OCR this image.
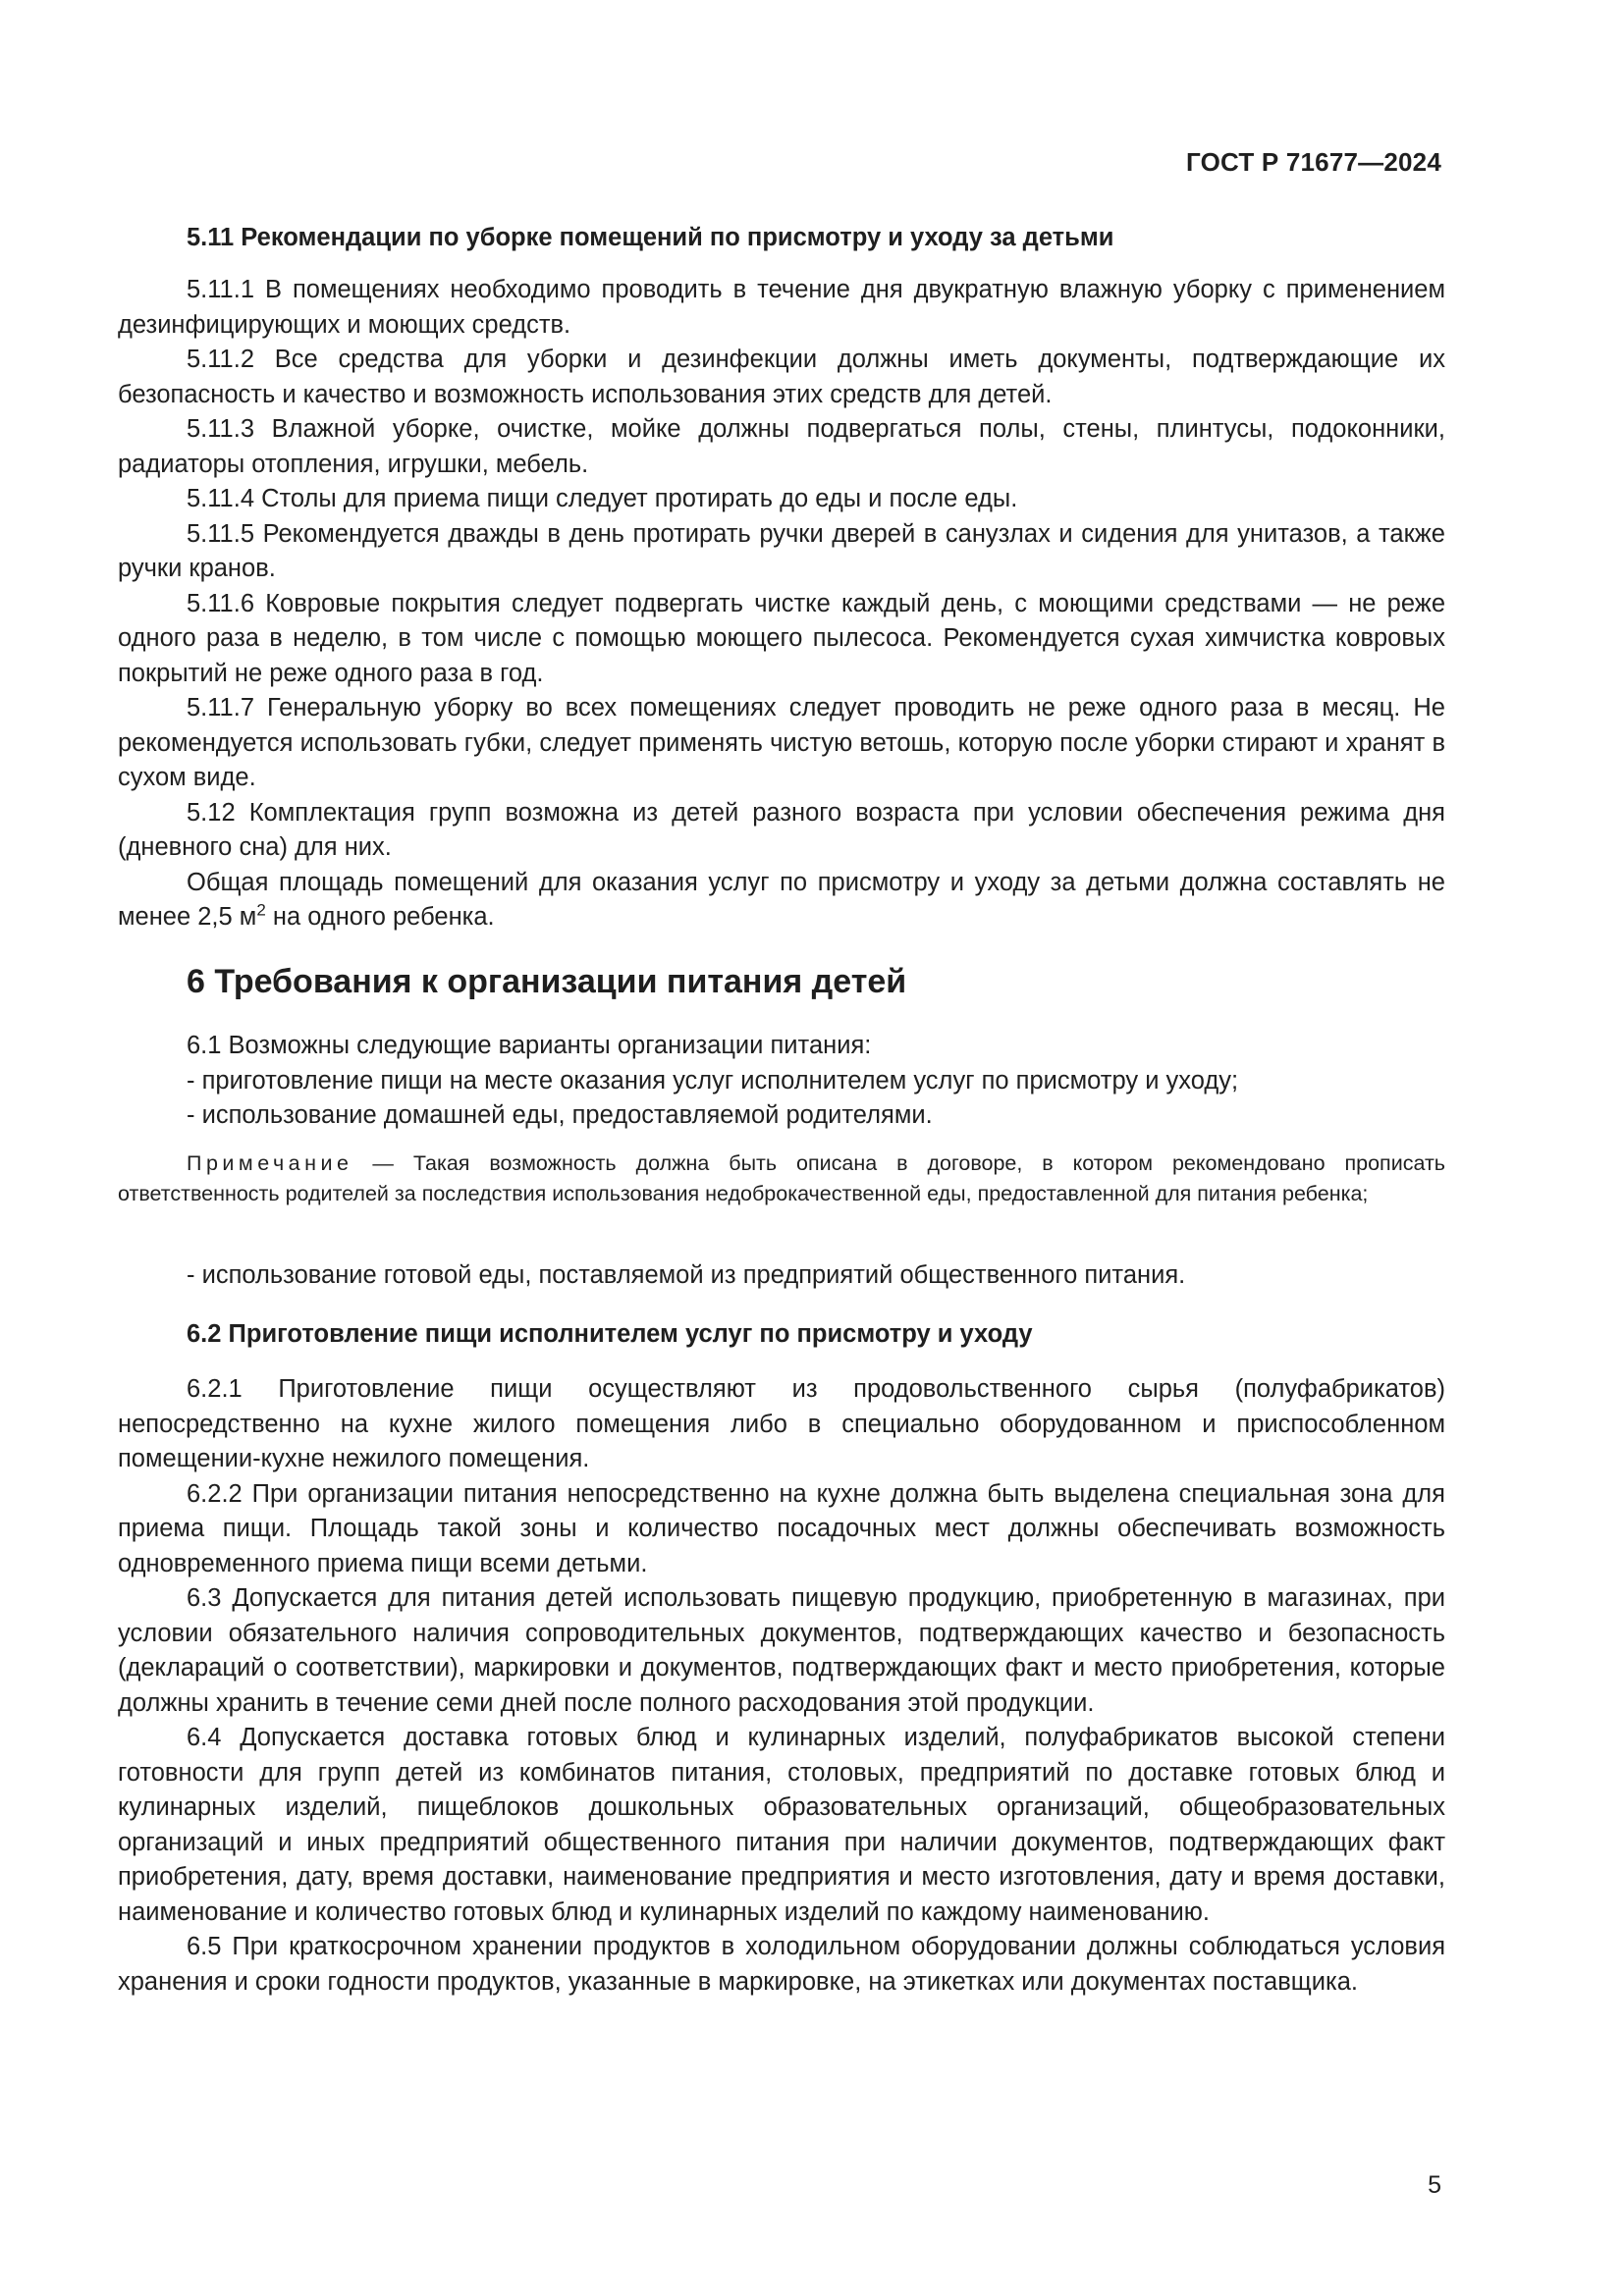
ГОСТ Р 71677—2024

5.11 Рекомендации по уборке помещений по присмотру и уходу за детьми

5.11.1 В помещениях необходимо проводить в течение дня двукратную влажную уборку с применением дезинфицирующих и моющих средств.

5.11.2 Все средства для уборки и дезинфекции должны иметь документы, подтверждающие их безопасность и качество и возможность использования этих средств для детей.

5.11.3 Влажной уборке, очистке, мойке должны подвергаться полы, стены, плинтусы, подоконники, радиаторы отопления, игрушки, мебель.

5.11.4 Столы для приема пищи следует протирать до еды и после еды.

5.11.5 Рекомендуется дважды в день протирать ручки дверей в санузлах и сидения для унитазов, а также ручки кранов.

5.11.6 Ковровые покрытия следует подвергать чистке каждый день, с моющими средствами — не реже одного раза в неделю, в том числе с помощью моющего пылесоса. Рекомендуется сухая химчистка ковровых покрытий не реже одного раза в год.

5.11.7 Генеральную уборку во всех помещениях следует проводить не реже одного раза в месяц. Не рекомендуется использовать губки, следует применять чистую ветошь, которую после уборки стирают и хранят в сухом виде.

5.12 Комплектация групп возможна из детей разного возраста при условии обеспечения режима дня (дневного сна) для них.

Общая площадь помещений для оказания услуг по присмотру и уходу за детьми должна составлять не менее 2,5 $м^2$ на одного ребенка.

6 Требования к организации питания детей

6.1 Возможны следующие варианты организации питания:

- приготовление пищи на месте оказания услуг исполнителем услуг по присмотру и уходу;

- использование домашней еды, предоставляемой родителями.

Примечание — Такая возможность должна быть описана в договоре, в котором рекомендовано прописать ответственность родителей за последствия использования недоброкачественной еды, предоставленной для питания ребенка;

- использование готовой еды, поставляемой из предприятий общественного питания.

6.2 Приготовление пищи исполнителем услуг по присмотру и уходу

6.2.1 Приготовление пищи осуществляют из продовольственного сырья (полуфабрикатов) непосредственно на кухне жилого помещения либо в специально оборудованном и приспособленном помещении-кухне нежилого помещения.

6.2.2 При организации питания непосредственно на кухне должна быть выделена специальная зона для приема пищи. Площадь такой зоны и количество посадочных мест должны обеспечивать возможность одновременного приема пищи всеми детьми.

6.3 Допускается для питания детей использовать пищевую продукцию, приобретенную в магазинах, при условии обязательного наличия сопроводительных документов, подтверждающих качество и безопасность (деклараций о соответствии), маркировки и документов, подтверждающих факт и место приобретения, которые должны хранить в течение семи дней после полного расходования этой продукции.

6.4 Допускается доставка готовых блюд и кулинарных изделий, полуфабрикатов высокой степени готовности для групп детей из комбинатов питания, столовых, предприятий по доставке готовых блюд и кулинарных изделий, пищеблоков дошкольных образовательных организаций, общеобразовательных организаций и иных предприятий общественного питания при наличии документов, подтверждающих факт приобретения, дату, время доставки, наименование предприятия и место изготовления, дату и время доставки, наименование и количество готовых блюд и кулинарных изделий по каждому наименованию.

6.5 При краткосрочном хранении продуктов в холодильном оборудовании должны соблюдаться условия хранения и сроки годности продуктов, указанные в маркировке, на этикетках или документах поставщика.

5
